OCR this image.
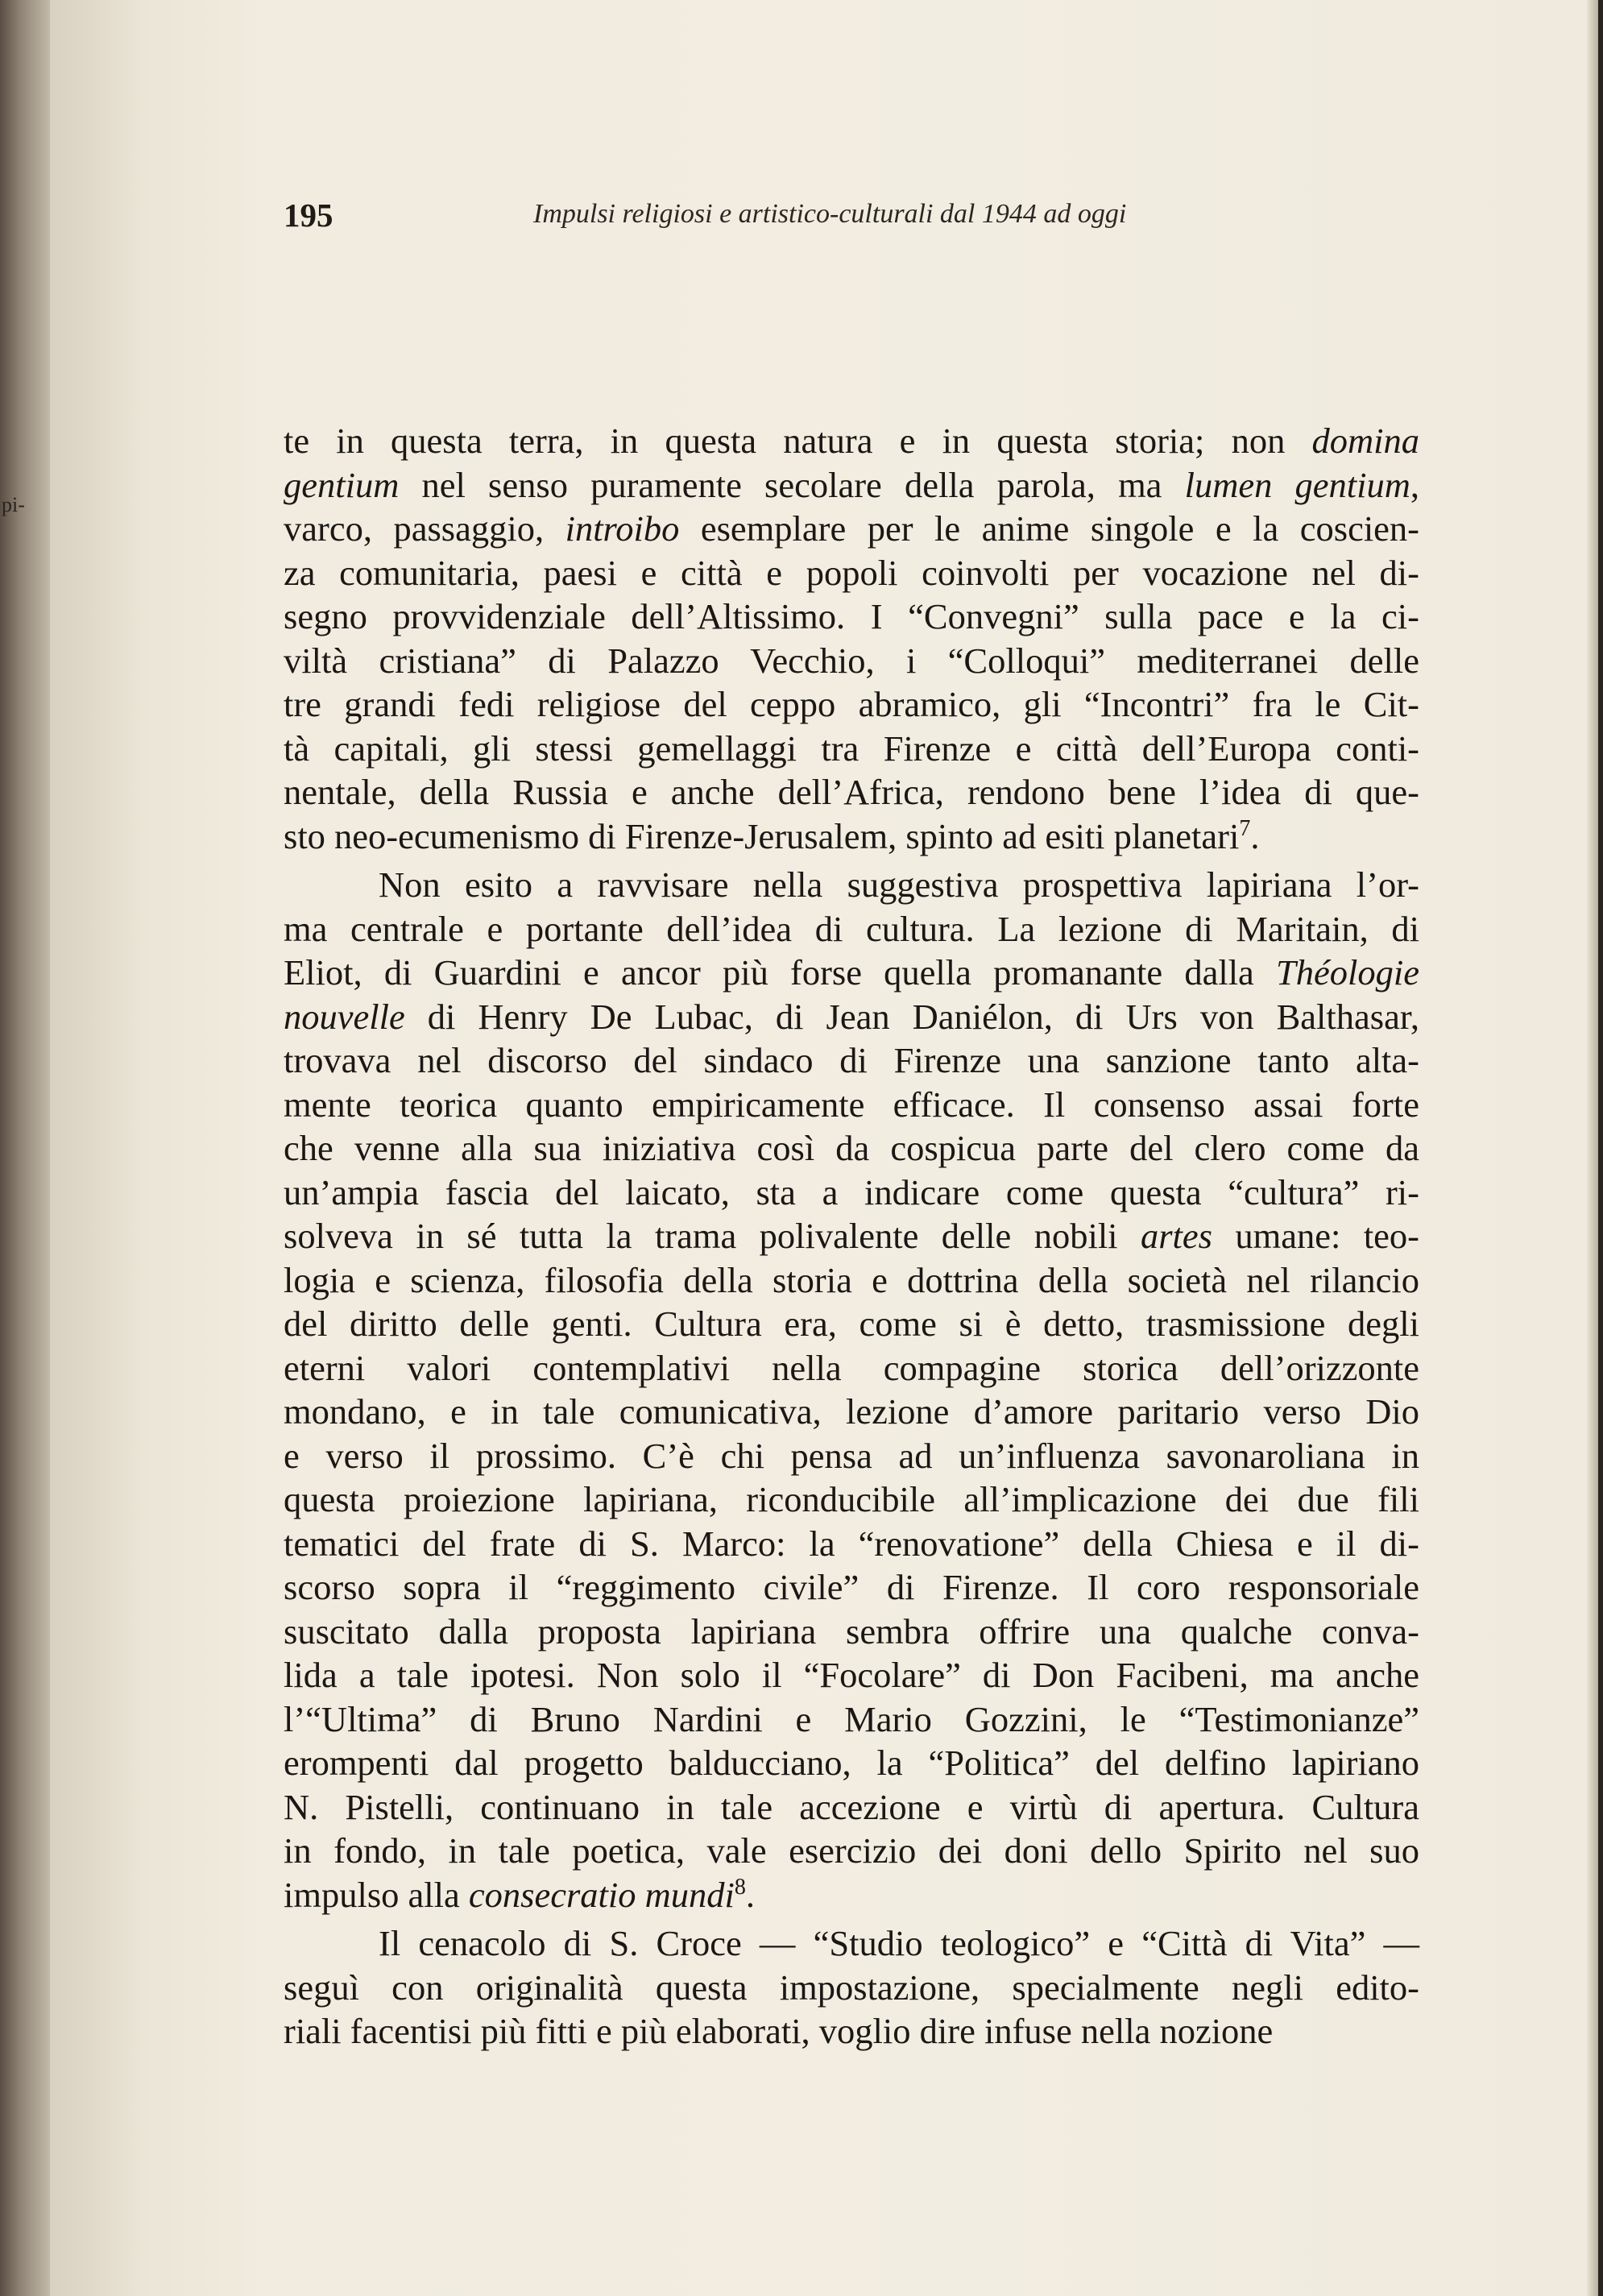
pi-
195	Impulsi religiosi e artistico-culturali dal 1944 ad oggi
te in questa terra, in questa natura e in questa storia; non domina
gentium nel senso puramente secolare della parola, ma lumen gentium,
varco, passaggio, introibo esemplare per le anime singole e la coscien-
za comunitaria, paesi e città e popoli coinvolti per vocazione nel di-
segno provvidenziale dell’Altissimo. I “Convegni” sulla pace e la ci-
viltà cristiana” di Palazzo Vecchio, i “Colloqui” mediterranei delle
tre grandi fedi religiose del ceppo abramico, gli “Incontri” fra le Cit-
tà capitali, gli stessi gemellaggi tra Firenze e città dell’Europa conti-
nentale, della Russia e anche dell’Africa, rendono bene l’idea di que-
sto neo-ecumenismo di Firenze-Jerusalem, spinto ad esiti planetari$^7$.
Non esito a ravvisare nella suggestiva prospettiva lapiriana l’or-
ma centrale e portante dell’idea di cultura. La lezione di Maritain, di
Eliot, di Guardini e ancor più forse quella promanante dalla Théologie
nouvelle di Henry De Lubac, di Jean Daniélon, di Urs von Balthasar,
trovava nel discorso del sindaco di Firenze una sanzione tanto alta-
mente teorica quanto empiricamente efficace. Il consenso assai forte
che venne alla sua iniziativa così da cospicua parte del clero come da
un’ampia fascia del laicato, sta a indicare come questa “cultura” ri-
solveva in sé tutta la trama polivalente delle nobili artes umane: teo-
logia e scienza, filosofia della storia e dottrina della società nel rilancio
del diritto delle genti. Cultura era, come si è detto, trasmissione degli
eterni valori contemplativi nella compagine storica dell’orizzonte
mondano, e in tale comunicativa, lezione d’amore paritario verso Dio
e verso il prossimo. C’è chi pensa ad un’influenza savonaroliana in
questa proiezione lapiriana, riconducibile all’implicazione dei due fili
tematici del frate di S. Marco: la “renovatione” della Chiesa e il di-
scorso sopra il “reggimento civile” di Firenze. Il coro responsoriale
suscitato dalla proposta lapiriana sembra offrire una qualche conva-
lida a tale ipotesi. Non solo il “Focolare” di Don Facibeni, ma anche
l’“Ultima” di Bruno Nardini e Mario Gozzini, le “Testimonianze”
erompenti dal progetto balducciano, la “Politica” del delfino lapiriano
N. Pistelli, continuano in tale accezione e virtù di apertura. Cultura
in fondo, in tale poetica, vale esercizio dei doni dello Spirito nel suo
impulso alla consecratio mundi$^8$.
Il cenacolo di S. Croce — “Studio teologico” e “Città di Vita” —
seguì con originalità questa impostazione, specialmente negli edito-
riali facentisi più fitti e più elaborati, voglio dire infuse nella nozione
